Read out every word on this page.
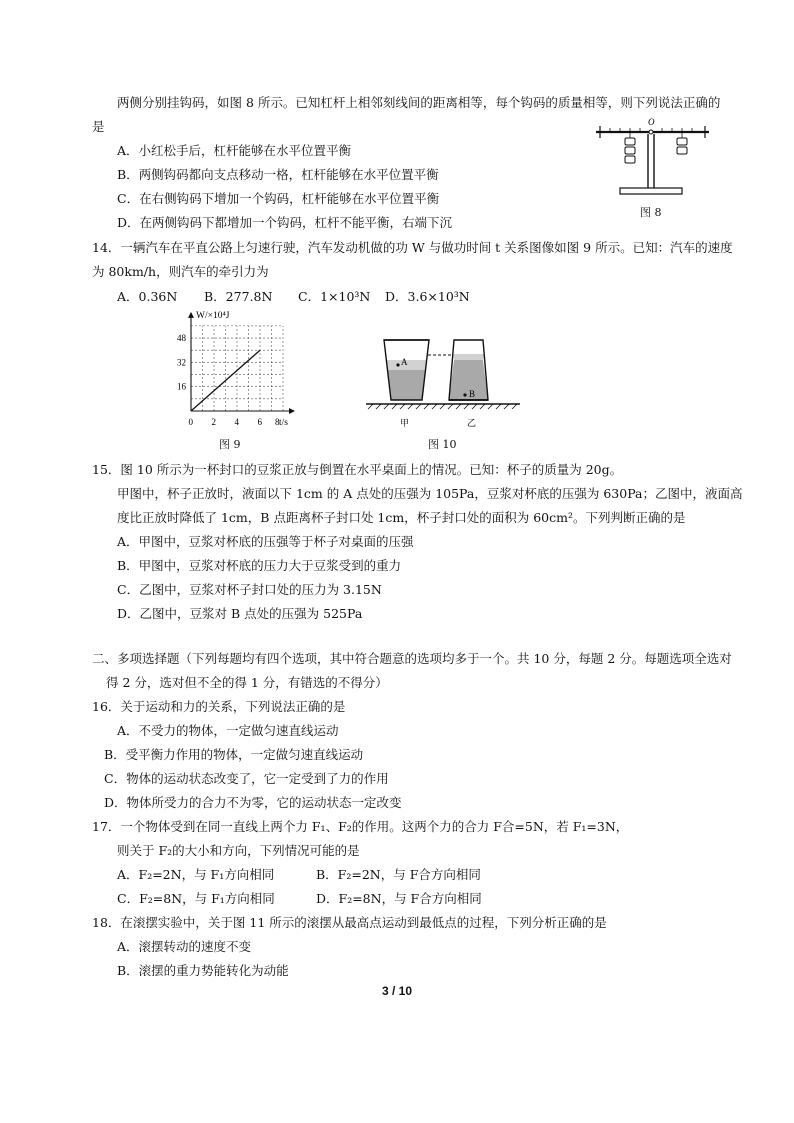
两侧分别挂钩码，如图 8 所示。已知杠杆上相邻刻线间的距离相等，每个钩码的质量相等，则下列说法正确的
是
A．小红松手后，杠杆能够在水平位置平衡
B．两侧钩码都向支点移动一格，杠杆能够在水平位置平衡
C．在右侧钩码下增加一个钩码，杠杆能够在水平位置平衡
D．在两侧钩码下都增加一个钩码，杠杆不能平衡，右端下沉
O
图 8
14．一辆汽车在平直公路上匀速行驶，汽车发动机做的功 W 与做功时间 t 关系图像如图 9 所示。已知：汽车的速度
为 80km/h，则汽车的牵引力为
A．0.36N B．277.8N C．1×10³N D．3.6×10³N
W/×10⁴J
t/s
0 2 4 6 8
16
32
48
图 9
A
B
甲	乙
图 10
15．图 10 所示为一杯封口的豆浆正放与倒置在水平桌面上的情况。已知：杯子的质量为 20g。
甲图中，杯子正放时，液面以下 1cm 的 A 点处的压强为 105Pa，豆浆对杯底的压强为 630Pa；乙图中，液面高
度比正放时降低了 1cm，B 点距离杯子封口处 1cm，杯子封口处的面积为 60cm²。下列判断正确的是
A．甲图中，豆浆对杯底的压强等于杯子对桌面的压强
B．甲图中，豆浆对杯底的压力大于豆浆受到的重力
C．乙图中，豆浆对杯子封口处的压力为 3.15N
D．乙图中，豆浆对 B 点处的压强为 525Pa
二、多项选择题（下列每题均有四个选项，其中符合题意的选项均多于一个。共 10 分，每题 2 分。每题选项全选对
得 2 分，选对但不全的得 1 分，有错选的不得分）
16．关于运动和力的关系，下列说法正确的是
A．不受力的物体，一定做匀速直线运动
B．受平衡力作用的物体，一定做匀速直线运动
C．物体的运动状态改变了，它一定受到了力的作用
D．物体所受力的合力不为零，它的运动状态一定改变
17．一个物体受到在同一直线上两个力 F₁、F₂的作用。这两个力的合力 F合=5N，若 F₁=3N，
则关于 F₂的大小和方向，下列情况可能的是
A．F₂=2N，与 F₁方向相同	B．F₂=2N，与 F合方向相同
C．F₂=8N，与 F₁方向相同	D．F₂=8N，与 F合方向相同
18．在滚摆实验中，关于图 11 所示的滚摆从最高点运动到最低点的过程，下列分析正确的是
A．滚摆转动的速度不变
B．滚摆的重力势能转化为动能
3 / 10
